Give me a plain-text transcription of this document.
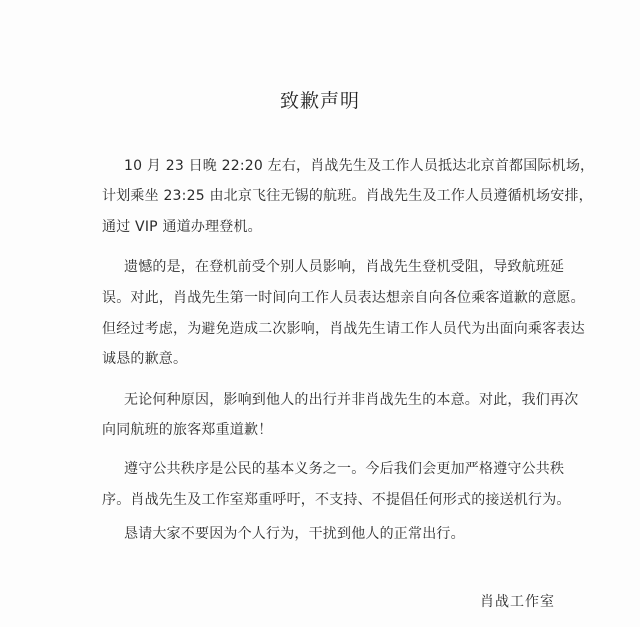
致歉声明
10 月 23 日晚 22:20 左右，肖战先生及工作人员抵达北京首都国际机场，
计划乘坐 23:25 由北京飞往无锡的航班。肖战先生及工作人员遵循机场安排，
通过 VIP 通道办理登机。
遗憾的是，在登机前受个别人员影响，肖战先生登机受阻，导致航班延
误。对此，肖战先生第一时间向工作人员表达想亲自向各位乘客道歉的意愿。
但经过考虑，为避免造成二次影响，肖战先生请工作人员代为出面向乘客表达
诚恳的歉意。
无论何种原因，影响到他人的出行并非肖战先生的本意。对此，我们再次
向同航班的旅客郑重道歉！
遵守公共秩序是公民的基本义务之一。今后我们会更加严格遵守公共秩
序。肖战先生及工作室郑重呼吁，不支持、不提倡任何形式的接送机行为。
恳请大家不要因为个人行为，干扰到他人的正常出行。
肖战工作室
